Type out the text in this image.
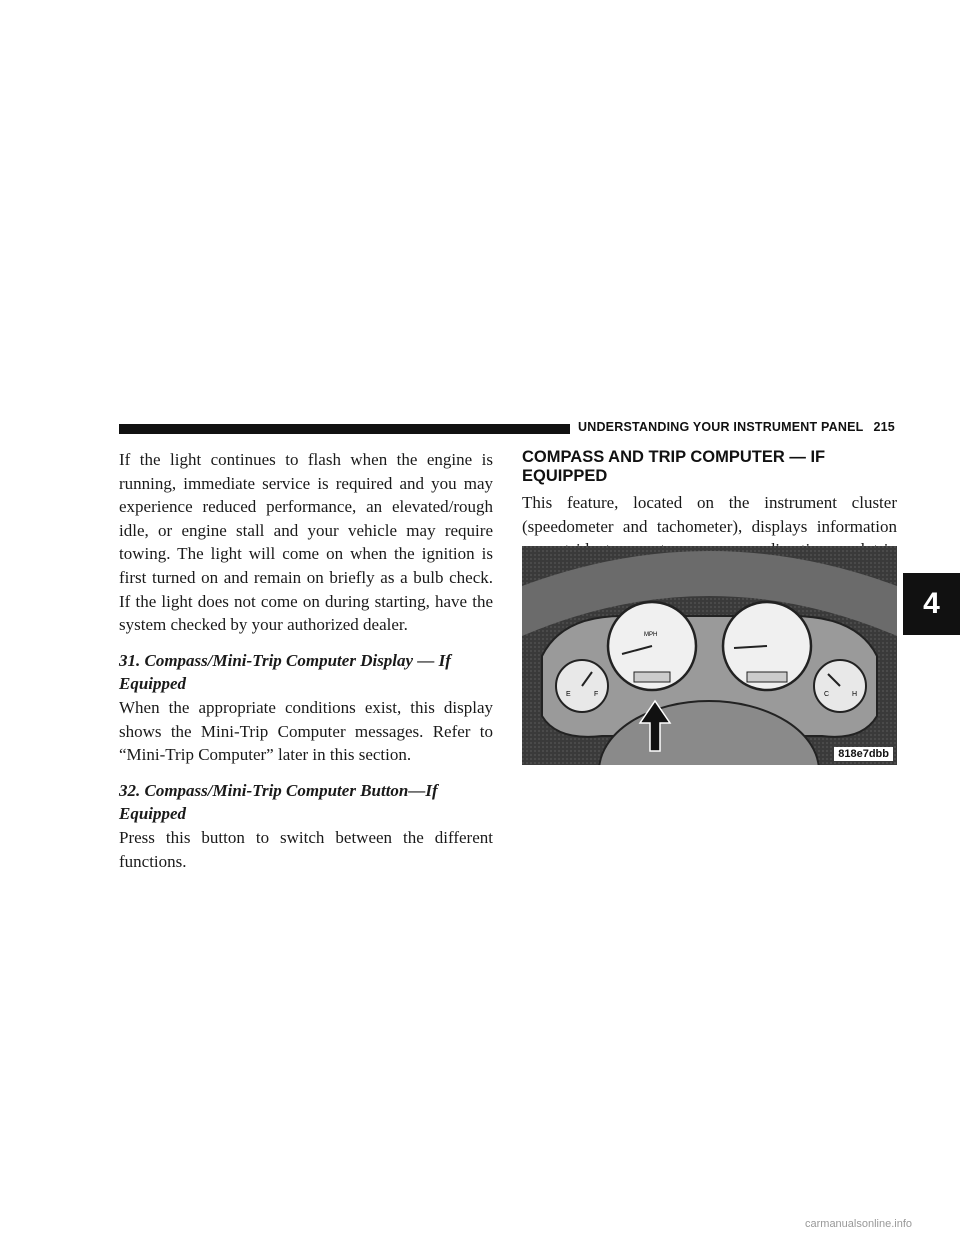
UNDERSTANDING YOUR INSTRUMENT PANEL 215

If the light continues to flash when the engine is running, immediate service is required and you may experience reduced performance, an elevated/rough idle, or engine stall and your vehicle may require towing. The light will come on when the ignition is first turned on and remain on briefly as a bulb check. If the light does not come on during starting, have the system checked by your authorized dealer.

31. Compass/Mini-Trip Computer Display — If Equipped

When the appropriate conditions exist, this display shows the Mini-Trip Computer messages. Refer to “Mini-Trip Computer” later in this section.

32. Compass/Mini-Trip Computer Button—If Equipped

Press this button to switch between the different functions.

COMPASS AND TRIP COMPUTER — IF EQUIPPED

This feature, located on the instrument cluster (speedometer and tachometer), displays information

E	F
MPH
C	H
818e7dbb
4
carmanualsonline.info
